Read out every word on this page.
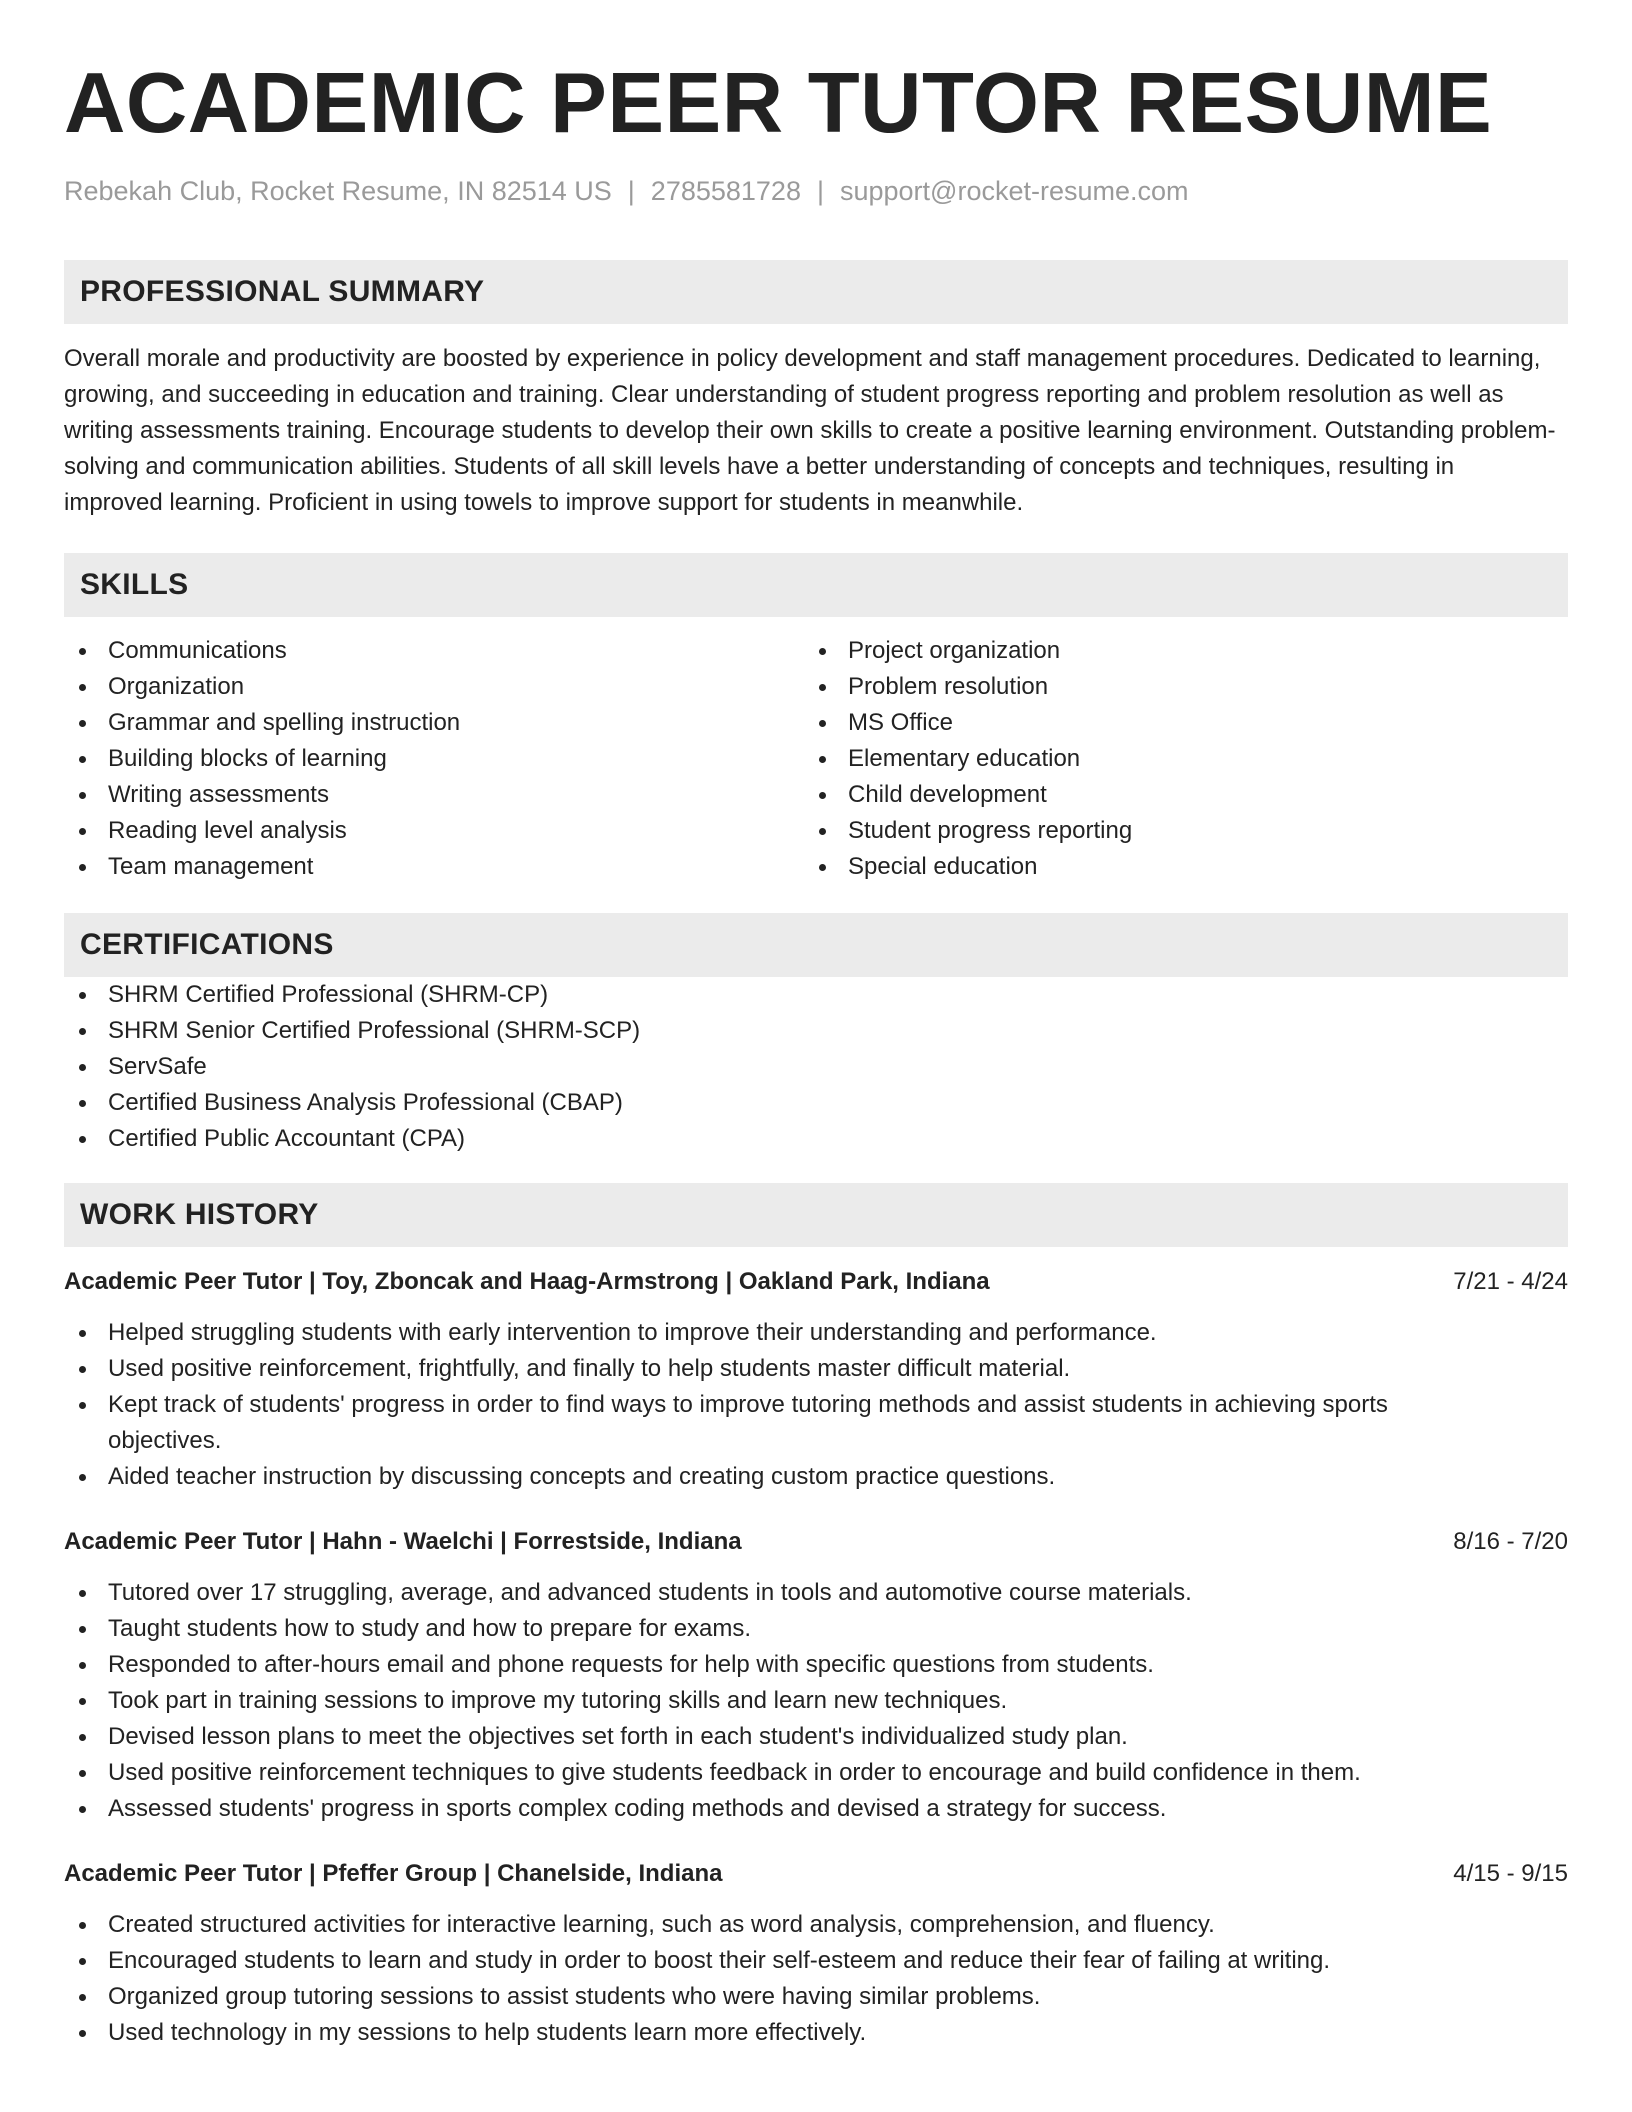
ACADEMIC PEER TUTOR RESUME
Rebekah Club, Rocket Resume, IN 82514 US | 2785581728 | support@rocket-resume.com
PROFESSIONAL SUMMARY

Overall morale and productivity are boosted by experience in policy development and staff management procedures. Dedicated to learning, growing, and succeeding in education and training. Clear understanding of student progress reporting and problem resolution as well as writing assessments training. Encourage students to develop their own skills to create a positive learning environment. Outstanding problem-solving and communication abilities. Students of all skill levels have a better understanding of concepts and techniques, resulting in improved learning. Proficient in using towels to improve support for students in meanwhile.

SKILLS
Communications
Organization
Grammar and spelling instruction
Building blocks of learning
Writing assessments
Reading level analysis
Team management
Project organization
Problem resolution
MS Office
Elementary education
Child development
Student progress reporting
Special education
CERTIFICATIONS
SHRM Certified Professional (SHRM-CP)
SHRM Senior Certified Professional (SHRM-SCP)
ServSafe
Certified Business Analysis Professional (CBAP)
Certified Public Accountant (CPA)
WORK HISTORY
Academic Peer Tutor | Toy, Zboncak and Haag-Armstrong | Oakland Park, Indiana	7/21 - 4/24
Helped struggling students with early intervention to improve their understanding and performance.
Used positive reinforcement, frightfully, and finally to help students master difficult material.
Kept track of students' progress in order to find ways to improve tutoring methods and assist students in achieving sports objectives.
Aided teacher instruction by discussing concepts and creating custom practice questions.
Academic Peer Tutor | Hahn - Waelchi | Forrestside, Indiana	8/16 - 7/20
Tutored over 17 struggling, average, and advanced students in tools and automotive course materials.
Taught students how to study and how to prepare for exams.
Responded to after-hours email and phone requests for help with specific questions from students.
Took part in training sessions to improve my tutoring skills and learn new techniques.
Devised lesson plans to meet the objectives set forth in each student's individualized study plan.
Used positive reinforcement techniques to give students feedback in order to encourage and build confidence in them.
Assessed students' progress in sports complex coding methods and devised a strategy for success.
Academic Peer Tutor | Pfeffer Group | Chanelside, Indiana	4/15 - 9/15
Created structured activities for interactive learning, such as word analysis, comprehension, and fluency.
Encouraged students to learn and study in order to boost their self-esteem and reduce their fear of failing at writing.
Organized group tutoring sessions to assist students who were having similar problems.
Used technology in my sessions to help students learn more effectively.
